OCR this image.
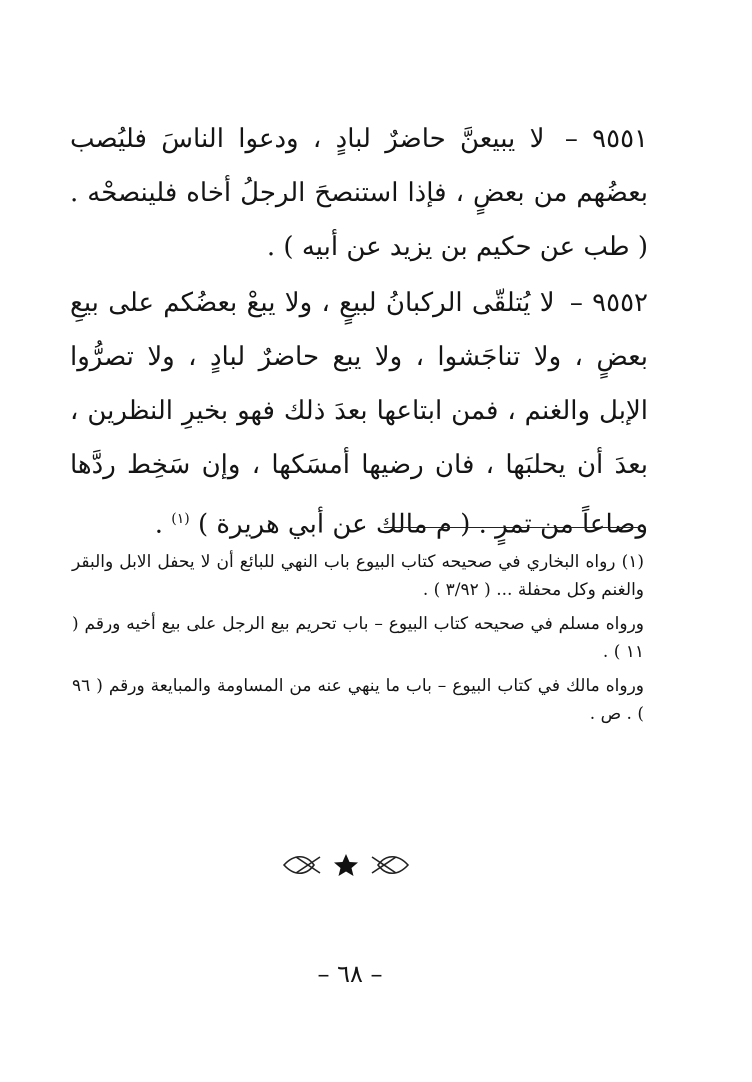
٩٥٥١ – لا يبيعنَّ حاضرٌ لبادٍ ، ودعوا الناسَ فليُصب بعضُهم من بعضٍ ، فإذا استنصحَ الرجلُ أخاه فلينصحْه . ( طب عن حكيم بن يزيد عن أبيه ) .

٩٥٥٢ – لا يُتلقّى الركبانُ لبيعٍ ، ولا يبعْ بعضُكم على بيعِ بعضٍ ، ولا تناجَشوا ، ولا يبع حاضرٌ لبادٍ ، ولا تصرُّوا الإبل والغنم ، فمن ابتاعها بعدَ ذلك فهو بخيرِ النظرين ، بعدَ أن يحلبَها ، فان رضيها أمسَكها ، وإن سَخِط ردَّها وصاعاً من تمرٍ . ( م مالك عن أبي هريرة ) $^{(١)}$ .

(١) رواه البخاري في صحيحه كتاب البيوع باب النهي للبائع أن لا يحفل الابل والبقر والغنم وكل محفلة ... ( ٣/٩٢ ) .

ورواه مسلم في صحيحه كتاب البيوع – باب تحريم بيع الرجل على بيع أخيه ورقم ( ١١ ) .

ورواه مالك في كتاب البيوع – باب ما ينهي عنه من المساومة والمبايعة ورقم ( ٩٦ ) . ص .

– ٦٨ –
